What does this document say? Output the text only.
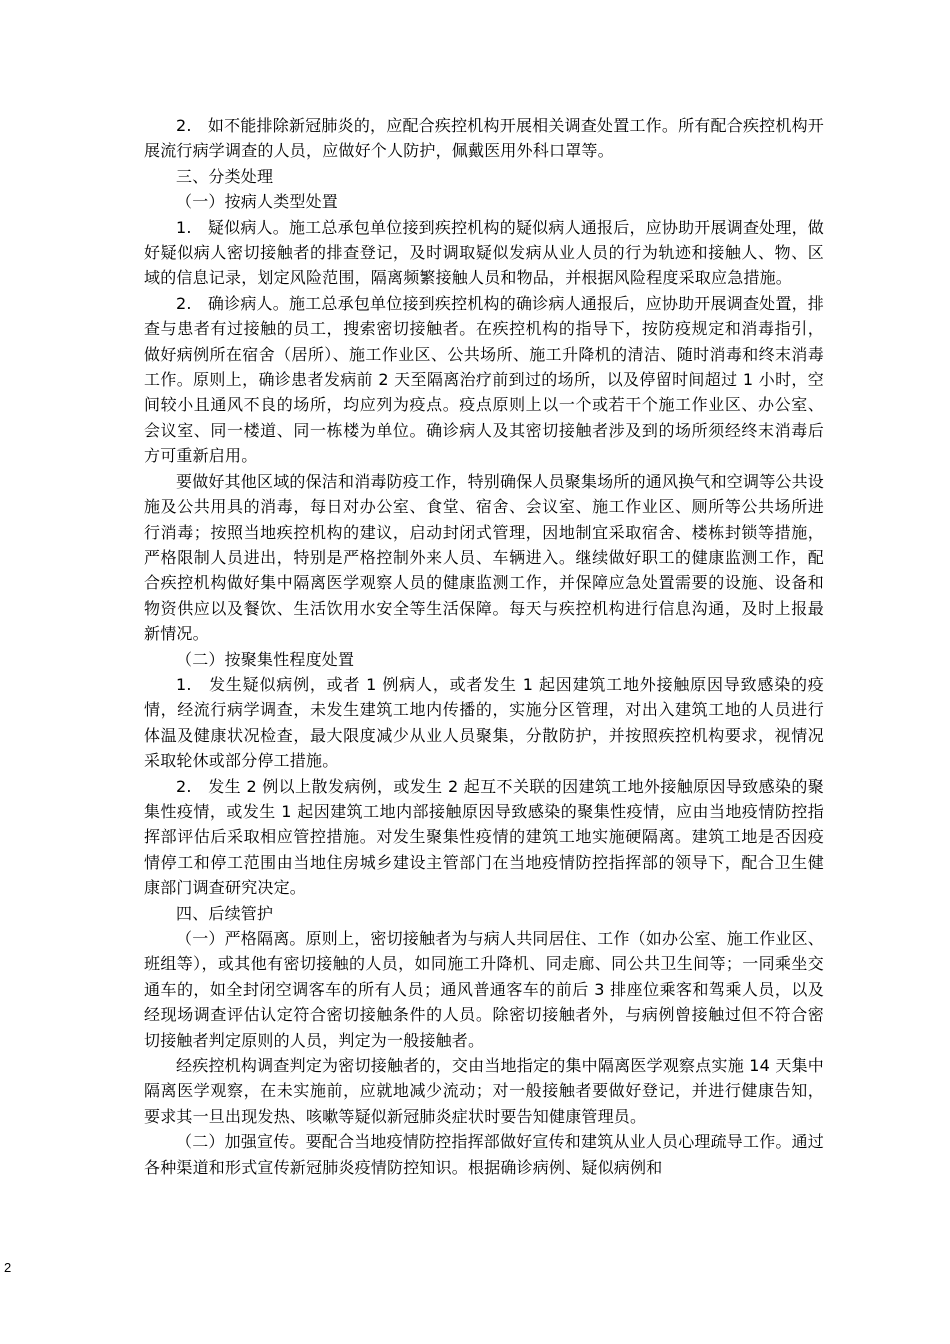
2.　如不能排除新冠肺炎的，应配合疾控机构开展相关调查处置工作。所有配合疾控机构开展流行病学调查的人员，应做好个人防护，佩戴医用外科口罩等。

三、分类处理

（一）按病人类型处置

1.　疑似病人。施工总承包单位接到疾控机构的疑似病人通报后，应协助开展调查处理，做好疑似病人密切接触者的排查登记，及时调取疑似发病从业人员的行为轨迹和接触人、物、区域的信息记录，划定风险范围，隔离频繁接触人员和物品，并根据风险程度采取应急措施。

2.　确诊病人。施工总承包单位接到疾控机构的确诊病人通报后，应协助开展调查处置，排查与患者有过接触的员工，搜索密切接触者。在疾控机构的指导下，按防疫规定和消毒指引，做好病例所在宿舍（居所）、施工作业区、公共场所、施工升降机的清洁、随时消毒和终末消毒工作。原则上，确诊患者发病前 2 天至隔离治疗前到过的场所，以及停留时间超过 1 小时，空间较小且通风不良的场所，均应列为疫点。疫点原则上以一个或若干个施工作业区、办公室、会议室、同一楼道、同一栋楼为单位。确诊病人及其密切接触者涉及到的场所须经终末消毒后方可重新启用。

要做好其他区域的保洁和消毒防疫工作，特别确保人员聚集场所的通风换气和空调等公共设施及公共用具的消毒，每日对办公室、食堂、宿舍、会议室、施工作业区、厕所等公共场所进行消毒；按照当地疾控机构的建议，启动封闭式管理，因地制宜采取宿舍、楼栋封锁等措施，严格限制人员进出，特别是严格控制外来人员、车辆进入。继续做好职工的健康监测工作，配合疾控机构做好集中隔离医学观察人员的健康监测工作，并保障应急处置需要的设施、设备和物资供应以及餐饮、生活饮用水安全等生活保障。每天与疾控机构进行信息沟通，及时上报最新情况。

（二）按聚集性程度处置

1.　发生疑似病例，或者 1 例病人，或者发生 1 起因建筑工地外接触原因导致感染的疫情，经流行病学调查，未发生建筑工地内传播的，实施分区管理，对出入建筑工地的人员进行体温及健康状况检查，最大限度减少从业人员聚集，分散防护，并按照疾控机构要求，视情况采取轮休或部分停工措施。

2.　发生 2 例以上散发病例，或发生 2 起互不关联的因建筑工地外接触原因导致感染的聚集性疫情，或发生 1 起因建筑工地内部接触原因导致感染的聚集性疫情，应由当地疫情防控指挥部评估后采取相应管控措施。对发生聚集性疫情的建筑工地实施硬隔离。建筑工地是否因疫情停工和停工范围由当地住房城乡建设主管部门在当地疫情防控指挥部的领导下，配合卫生健康部门调查研究决定。

四、后续管护

（一）严格隔离。原则上，密切接触者为与病人共同居住、工作（如办公室、施工作业区、班组等），或其他有密切接触的人员，如同施工升降机、同走廊、同公共卫生间等；一同乘坐交通车的，如全封闭空调客车的所有人员；通风普通客车的前后 3 排座位乘客和驾乘人员，以及经现场调查评估认定符合密切接触条件的人员。除密切接触者外，与病例曾接触过但不符合密切接触者判定原则的人员，判定为一般接触者。

经疾控机构调查判定为密切接触者的，交由当地指定的集中隔离医学观察点实施 14 天集中隔离医学观察，在未实施前，应就地减少流动；对一般接触者要做好登记，并进行健康告知，要求其一旦出现发热、咳嗽等疑似新冠肺炎症状时要告知健康管理员。

（二）加强宣传。要配合当地疫情防控指挥部做好宣传和建筑从业人员心理疏导工作。通过各种渠道和形式宣传新冠肺炎疫情防控知识。根据确诊病例、疑似病例和

2
